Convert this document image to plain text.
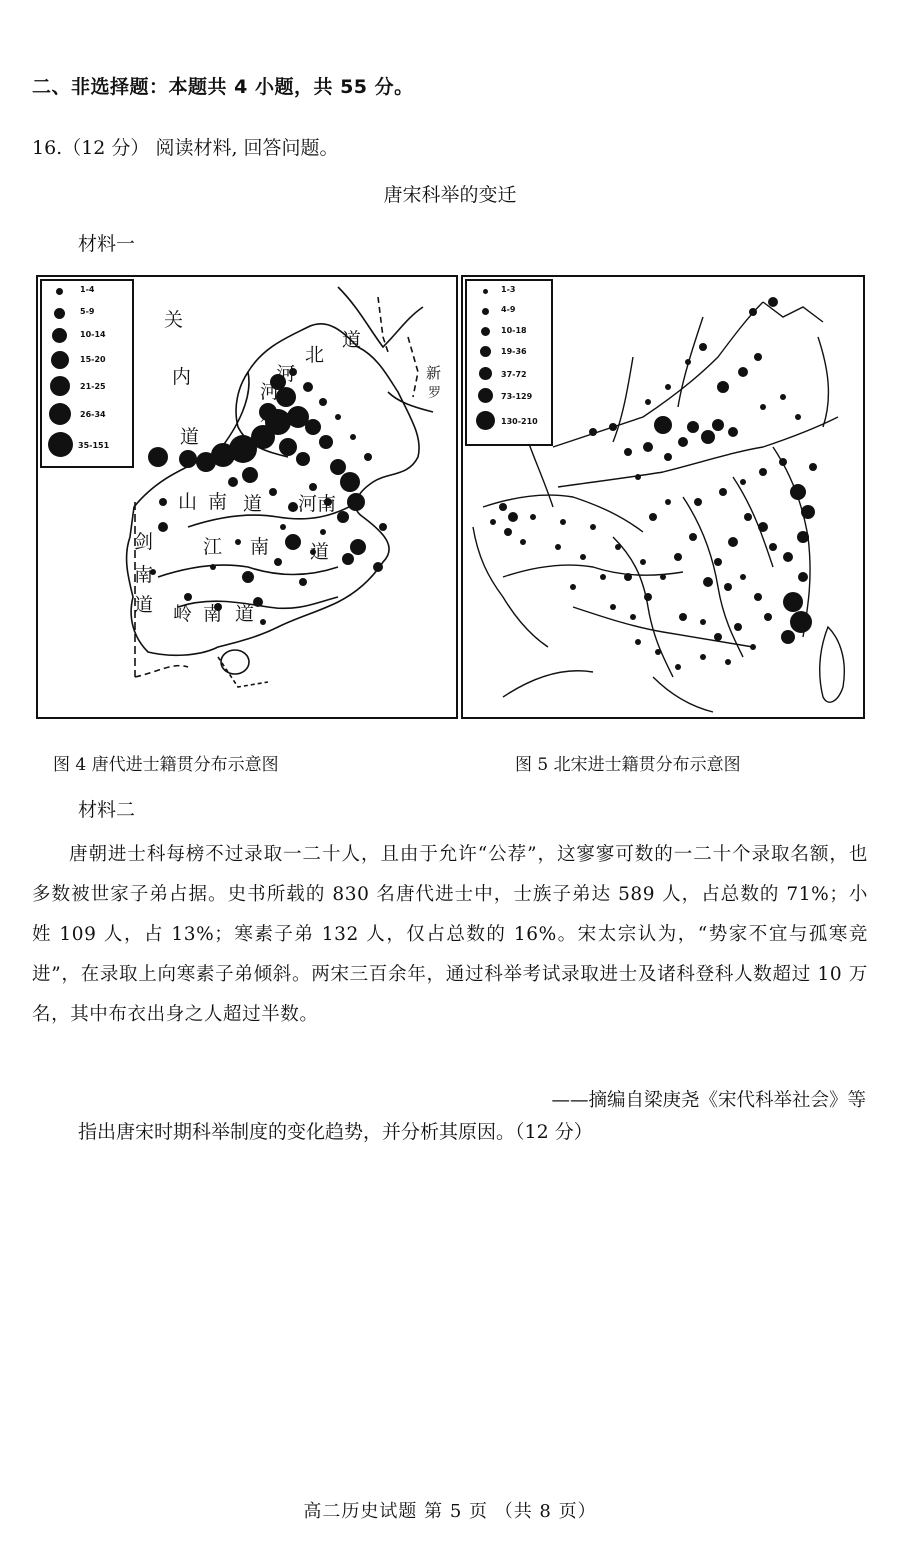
二、非选择题：本题共 4 小题，共 55 分。
16.（12 分） 阅读材料, 回答问题。
唐宋科举的变迁
材料一
1-4
5-9
10-14
15-20
21-25
26-34
35-151
关
内
道
河
北
道
新
罗
河
东
山 南 道 河南
江 南 道
剑
南
道 岭 南 道
1-3
4-9
10-18
19-36
37-72
73-129
130-210
图 4 唐代进士籍贯分布示意图	图 5 北宋进士籍贯分布示意图
材料二
唐朝进士科每榜不过录取一二十人，且由于允许“公荐”，这寥寥可数的一二十个录取名额，也多数被世家子弟占据。史书所载的 830 名唐代进士中，士族子弟达 589 人，占总数的 71%；小姓 109 人，占 13%；寒素子弟 132 人，仅占总数的 16%。宋太宗认为，“势家不宜与孤寒竞进”，在录取上向寒素子弟倾斜。两宋三百余年，通过科举考试录取进士及诸科登科人数超过 10 万名，其中布衣出身之人超过半数。
——摘编自梁庚尧《宋代科举社会》等
指出唐宋时期科举制度的变化趋势，并分析其原因。（12 分）
高二历史试题 第 5 页 （共 8 页）
